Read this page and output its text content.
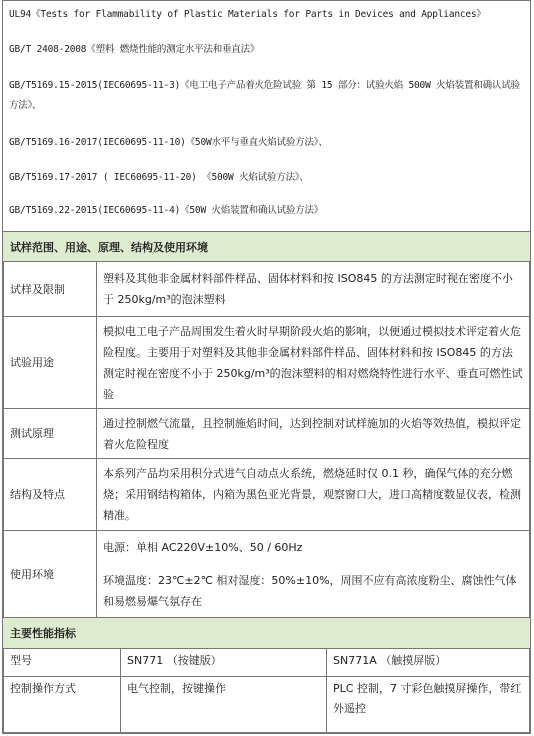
UL94《Tests for Flammability of Plastic Materials for Parts in Devices and Appliances》
GB/T 2408-2008《塑料 燃烧性能的测定水平法和垂直法》
GB/T5169.15-2015(IEC60695-11-3)《电工电子产品着火危险试验 第 15 部分：试验火焰 500W 火焰装置和确认试验方法》、
GB/T5169.16-2017(IEC60695-11-10)《50W水平与垂直火焰试验方法》、
GB/T5169.17-2017 ( IEC60695-11-20) 《500W 火焰试验方法》、
GB/T5169.22-2015(IEC60695-11-4)《50W 火焰装置和确认试验方法》
试样范围、用途、原理、结构及使用环境
试样及限制	塑料及其他非金属材料部件样品、固体材料和按 ISO845 的方法测定时视在密度不小于 250kg/m³的泡沫塑料
试验用途	模拟电工电子产品周围发生着火时早期阶段火焰的影响，以便通过模拟技术评定着火危险程度。主要用于对塑料及其他非金属材料部件样品、固体材料和按 ISO845 的方法测定时视在密度不小于 250kg/m³的泡沫塑料的相对燃烧特性进行水平、垂直可燃性试验
测试原理	通过控制燃气流量，且控制施焰时间，达到控制对试样施加的火焰等效热值，模拟评定着火危险程度
结构及特点	本系列产品均采用积分式进气自动点火系统，燃烧延时仅 0.1 秒，确保气体的充分燃烧；采用钢结构箱体，内箱为黑色亚光背景，观察窗口大，进口高精度数显仪表，检测精准。
使用环境	电源：单相 AC220V±10%、50 / 60Hz

环境温度：23℃±2℃ 相对湿度：50%±10%，周围不应有高浓度粉尘、腐蚀性气体和易燃易爆气氛存在

主要性能指标
型号	SN771 （按键版）	SN771A （触摸屏版）
控制操作方式	电气控制，按键操作	PLC 控制，7 寸彩色触摸屏操作，带红外遥控
